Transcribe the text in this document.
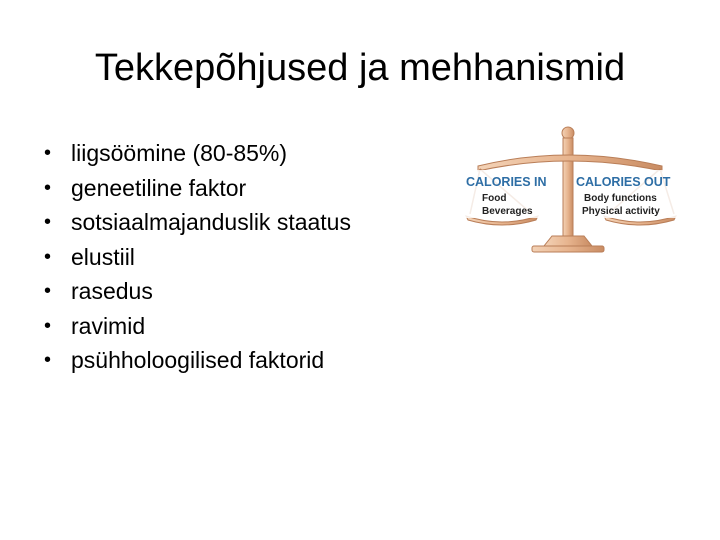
Tekkepõhjused ja mehhanismid
• liigsöömine (80-85%)
• geneetiline faktor
• sotsiaalmajanduslik staatus
• elustiil
• rasedus
• ravimid
• psühholoogilised faktorid
CALORIES IN
Food
Beverages
CALORIES OUT
Body functions
Physical activity
